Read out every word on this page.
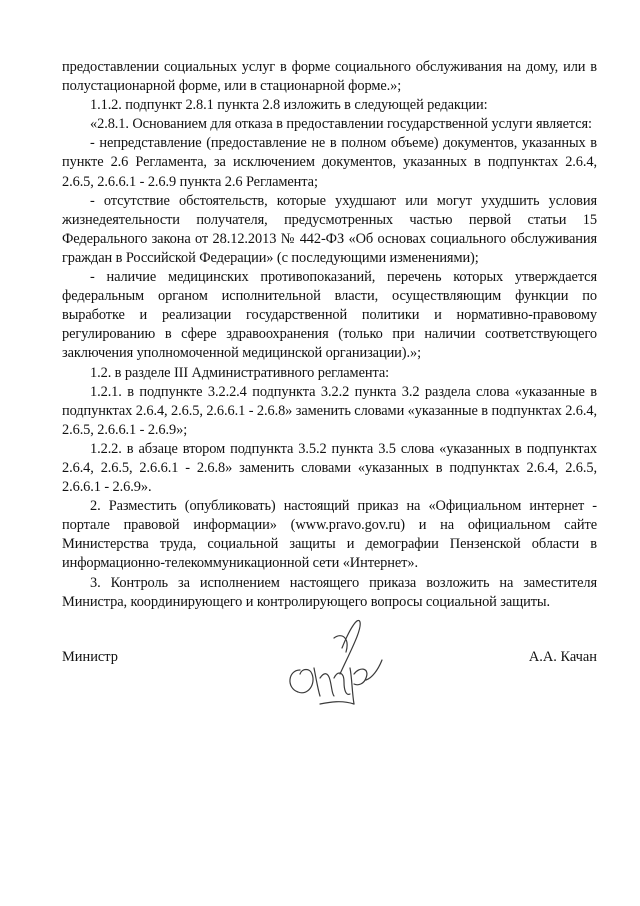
предоставлении социальных услуг в форме социального обслуживания на дому, или в полустационарной форме, или в стационарной форме.»;

1.1.2. подпункт 2.8.1 пункта 2.8 изложить в следующей редакции:

«2.8.1. Основанием для отказа в предоставлении государственной услуги является:

- непредставление (предоставление не в полном объеме) документов, указанных в пункте 2.6 Регламента, за исключением документов, указанных в подпунктах 2.6.4, 2.6.5, 2.6.6.1 - 2.6.9 пункта 2.6 Регламента;

- отсутствие обстоятельств, которые ухудшают или могут ухудшить условия жизнедеятельности получателя, предусмотренных частью первой статьи 15 Федерального закона от 28.12.2013 № 442-ФЗ «Об основах социального обслуживания граждан в Российской Федерации» (с последующими изменениями);

- наличие медицинских противопоказаний, перечень которых утверждается федеральным органом исполнительной власти, осуществляющим функции по выработке и реализации государственной политики и нормативно-правовому регулированию в сфере здравоохранения (только при наличии соответствующего заключения уполномоченной медицинской организации).»;

1.2. в разделе III Административного регламента:

1.2.1. в подпункте 3.2.2.4 подпункта 3.2.2 пункта 3.2 раздела слова «указанные в подпунктах 2.6.4, 2.6.5, 2.6.6.1 - 2.6.8» заменить словами «указанные в подпунктах 2.6.4, 2.6.5, 2.6.6.1 - 2.6.9»;

1.2.2. в абзаце втором подпункта 3.5.2 пункта 3.5 слова «указанных в подпунктах 2.6.4, 2.6.5, 2.6.6.1 - 2.6.8» заменить словами «указанных в подпунктах 2.6.4, 2.6.5, 2.6.6.1 - 2.6.9».

2. Разместить (опубликовать) настоящий приказ на «Официальном интернет - портале правовой информации» (www.pravo.gov.ru) и на официальном сайте Министерства труда, социальной защиты и демографии Пензенской области в информационно-телекоммуникационной сети «Интернет».

3. Контроль за исполнением настоящего приказа возложить на заместителя Министра, координирующего и контролирующего вопросы социальной защиты.

Министр	А.А. Качан
